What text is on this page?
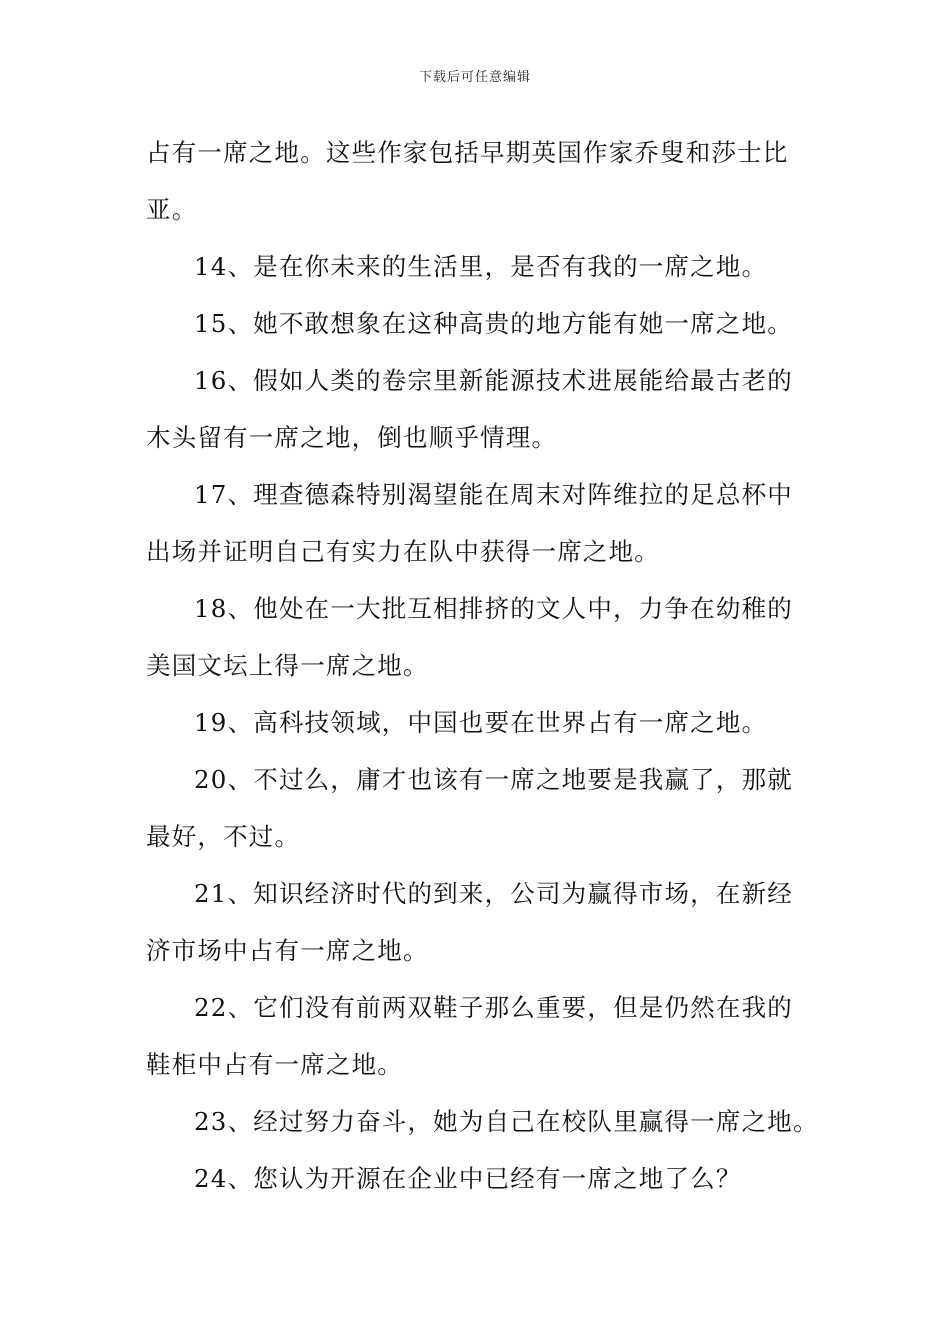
下载后可任意编辑
占有一席之地。这些作家包括早期英国作家乔叟和莎士比
亚。
14、是在你未来的生活里，是否有我的一席之地。
15、她不敢想象在这种高贵的地方能有她一席之地。
16、假如人类的卷宗里新能源技术进展能给最古老的
木头留有一席之地，倒也顺乎情理。
17、理查德森特别渴望能在周末对阵维拉的足总杯中
出场并证明自己有实力在队中获得一席之地。
18、他处在一大批互相排挤的文人中，力争在幼稚的
美国文坛上得一席之地。
19、高科技领域，中国也要在世界占有一席之地。
20、不过么，庸才也该有一席之地要是我赢了，那就
最好，不过。
21、知识经济时代的到来，公司为赢得市场，在新经
济市场中占有一席之地。
22、它们没有前两双鞋子那么重要，但是仍然在我的
鞋柜中占有一席之地。
23、经过努力奋斗，她为自己在校队里赢得一席之地。
24、您认为开源在企业中已经有一席之地了么？
